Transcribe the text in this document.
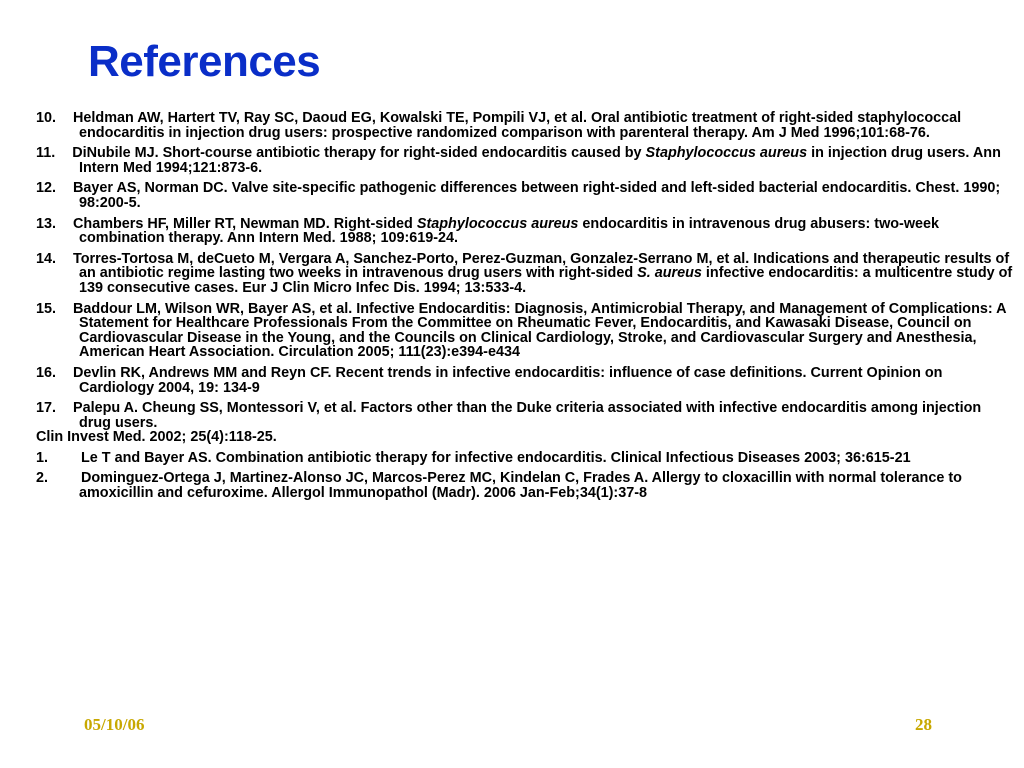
References
10.   Heldman AW, Hartert TV, Ray SC, Daoud EG, Kowalski TE, Pompili VJ, et al. Oral antibiotic treatment of right-sided staphylococcal endocarditis in injection drug users: prospective randomized comparison with parenteral therapy. Am J Med 1996;101:68-76.
11.   DiNubile MJ. Short-course antibiotic therapy for right-sided endocarditis caused by Staphylococcus aureus in injection drug users. Ann Intern Med 1994;121:873-6.
12.   Bayer AS, Norman DC. Valve site-specific pathogenic differences between right-sided and left-sided bacterial endocarditis. Chest. 1990; 98:200-5.
13.   Chambers HF, Miller RT, Newman MD. Right-sided Staphylococcus aureus endocarditis in intravenous drug abusers: two-week combination therapy. Ann Intern Med. 1988; 109:619-24.
14.   Torres-Tortosa M, deCueto M, Vergara A, Sanchez-Porto, Perez-Guzman, Gonzalez-Serrano M, et al. Indications and therapeutic results of an antibiotic regime lasting two weeks in intravenous drug users with right-sided S. aureus infective endocarditis: a multicentre study of 139 consecutive cases. Eur J Clin Micro Infec Dis. 1994; 13:533-4.
15.   Baddour LM, Wilson WR, Bayer AS, et al. Infective Endocarditis: Diagnosis, Antimicrobial Therapy, and Management of Complications: A Statement for Healthcare Professionals From the Committee on Rheumatic Fever, Endocarditis, and Kawasaki Disease, Council on Cardiovascular Disease in the Young, and the Councils on Clinical Cardiology, Stroke, and Cardiovascular Surgery and Anesthesia, American Heart Association. Circulation 2005; 111(23):e394-e434
16.   Devlin RK, Andrews MM and Reyn CF. Recent trends in infective endocarditis: influence of case definitions. Current Opinion on Cardiology 2004, 19: 134-9
17.   Palepu A. Cheung SS, Montessori V, et al. Factors other than the Duke criteria associated with infective endocarditis among injection drug users.
Clin Invest Med. 2002; 25(4):118-25.
1.       Le T and Bayer AS. Combination antibiotic therapy for infective endocarditis. Clinical Infectious Diseases 2003; 36:615-21
2.       Dominguez-Ortega J, Martinez-Alonso JC, Marcos-Perez MC, Kindelan C, Frades A. Allergy to cloxacillin with normal tolerance to amoxicillin and cefuroxime. Allergol Immunopathol (Madr). 2006 Jan-Feb;34(1):37-8
05/10/06	28
